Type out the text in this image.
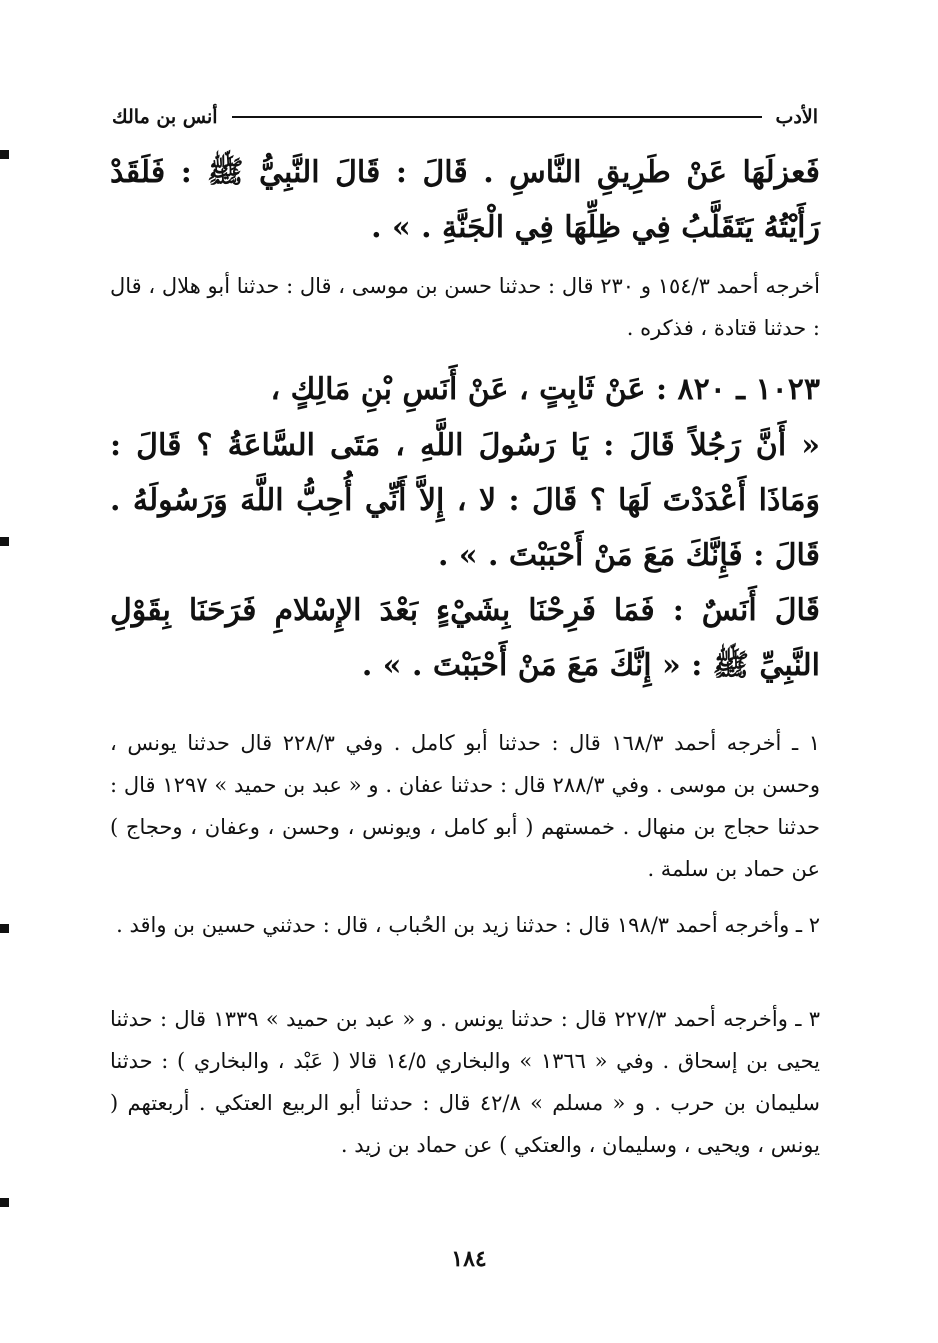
الأدب
أنس بن مالك
فَعزلَهَا عَنْ طَرِيقِ النَّاسِ . قَالَ : قَالَ النَّبِيُّ ﷺ : فَلَقَدْ رَأَيْتُهُ يَتَقَلَّبُ فِي ظِلِّهَا فِي الْجَنَّةِ . » .
أخرجه أحمد ١٥٤/٣ و ٢٣٠ قال : حدثنا حسن بن موسى ، قال : حدثنا أبو هلال ، قال : حدثنا قتادة ، فذكره .
١٠٢٣ ـ ٨٢٠ : عَنْ ثَابِتٍ ، عَنْ أَنَسِ بْنِ مَالِكٍ ،
« أَنَّ رَجُلاً قَالَ : يَا رَسُولَ اللَّهِ ، مَتَى السَّاعَةُ ؟ قَالَ : وَمَاذَا أَعْدَدْتَ لَهَا ؟ قَالَ : لا ، إِلاَّ أَنِّي أُحِبُّ اللَّهَ وَرَسُولَهُ . قَالَ : فَإِنَّكَ مَعَ مَنْ أَحْبَبْتَ . » .
قَالَ أَنَسٌ : فَمَا فَرِحْنَا بِشَيْءٍ بَعْدَ الإِسْلامِ فَرَحَنَا بِقَوْلِ النَّبِيِّ ﷺ : « إِنَّكَ مَعَ مَنْ أَحْبَبْتَ . » .
١ ـ أخرجه أحمد ١٦٨/٣ قال : حدثنا أبو كامل . وفي ٢٢٨/٣ قال حدثنا يونس ، وحسن بن موسى . وفي ٢٨٨/٣ قال : حدثنا عفان . و « عبد بن حميد » ١٢٩٧ قال : حدثنا حجاج بن منهال . خمستهم ( أبو كامل ، ويونس ، وحسن ، وعفان ، وحجاج ) عن حماد بن سلمة .
٢ ـ وأخرجه أحمد ١٩٨/٣ قال : حدثنا زيد بن الحُباب ، قال : حدثني حسين بن واقد .
٣ ـ وأخرجه أحمد ٢٢٧/٣ قال : حدثنا يونس . و « عبد بن حميد » ١٣٣٩ قال : حدثنا يحيى بن إسحاق . وفي « ١٣٦٦ » والبخاري ١٤/٥ قالا ( عَبْد ، والبخاري ) : حدثنا سليمان بن حرب . و « مسلم » ٤٢/٨ قال : حدثنا أبو الربيع العتكي . أربعتهم ( يونس ، ويحيى ، وسليمان ، والعتكي ) عن حماد بن زيد .
١٨٤
